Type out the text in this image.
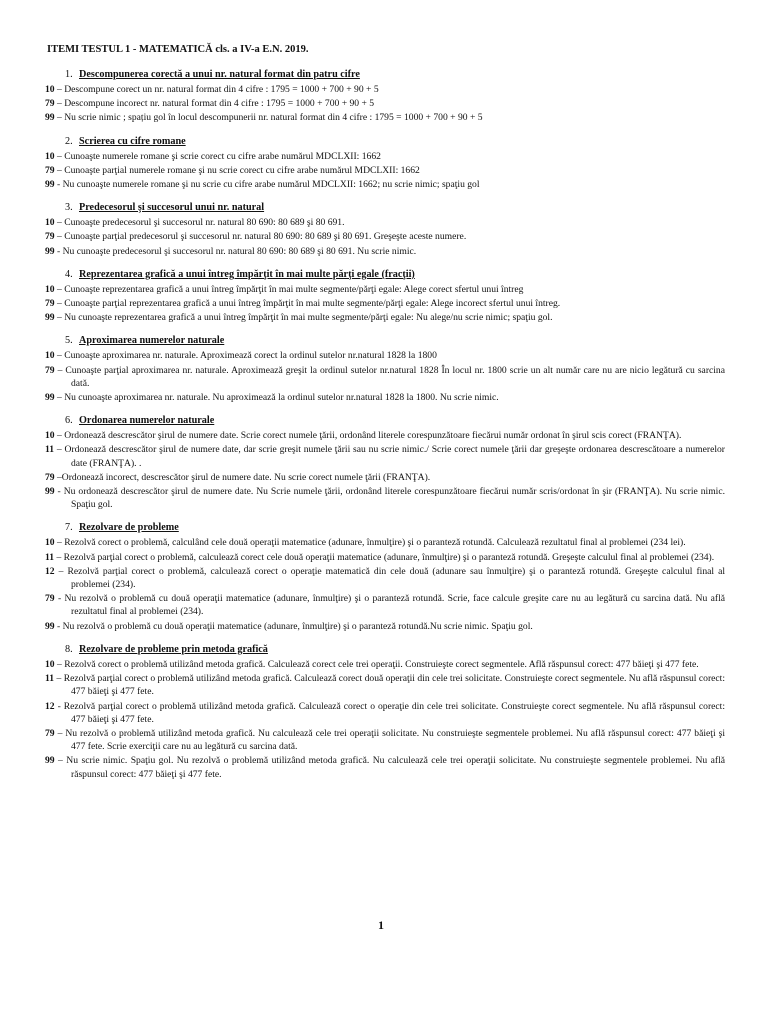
ITEMI TESTUL 1 - MATEMATICĂ cls. a IV-a E.N. 2019.
1. Descompunerea corectă a unui nr. natural format din patru cifre
10 – Descompune corect un nr. natural format din 4 cifre : 1795 = 1000 + 700 + 90 + 5
79 – Descompune incorect nr. natural format din 4 cifre : 1795 = 1000 + 700 + 90 + 5
99 – Nu scrie nimic ; spațiu gol în locul descompunerii nr. natural format din 4 cifre : 1795 = 1000 + 700 + 90 + 5
2. Scrierea cu cifre romane
10 – Cunoaşte numerele romane şi scrie corect cu cifre arabe numărul MDCLXII: 1662
79 – Cunoaşte parţial numerele romane şi nu scrie corect cu cifre arabe numărul MDCLXII: 1662
99 - Nu cunoaşte numerele romane şi nu scrie cu cifre arabe numărul MDCLXII: 1662; nu scrie nimic; spaţiu gol
3. Predecesorul şi succesorul unui nr. natural
10 – Cunoaşte predecesorul şi succesorul nr. natural 80 690: 80 689 şi 80 691.
79 – Cunoaşte parţial predecesorul şi succesorul nr. natural 80 690: 80 689 şi 80 691. Greşeşte aceste numere.
99 - Nu cunoaşte predecesorul şi succesorul nr. natural 80 690: 80 689 şi 80 691. Nu scrie nimic.
4. Reprezentarea grafică a unui întreg împărţit în mai multe părţi egale (fracţii)
10 – Cunoaşte reprezentarea grafică a unui întreg împărţit în mai multe segmente/părţi egale: Alege corect sfertul unui întreg
79 – Cunoaşte parţial reprezentarea grafică a unui întreg împărţit în mai multe segmente/părţi egale: Alege incorect sfertul unui întreg.
99 – Nu cunoaşte reprezentarea grafică a unui întreg împărţit în mai multe segmente/părţi egale: Nu alege/nu scrie nimic; spaţiu gol.
5. Aproximarea numerelor naturale
10 – Cunoaşte aproximarea nr. naturale. Aproximează corect la ordinul sutelor nr.natural 1828 la 1800
79 – Cunoaşte parţial aproximarea nr. naturale. Aproximează greşit la ordinul sutelor nr.natural 1828 În locul nr. 1800 scrie un alt număr care nu are nicio legătură cu sarcina dată.
99 – Nu cunoaşte aproximarea nr. naturale. Nu aproximează la ordinul sutelor nr.natural 1828 la 1800. Nu scrie nimic.
6. Ordonarea numerelor naturale
10 – Ordonează descrescător şirul de numere date. Scrie corect numele ţării, ordonând literele corespunzătoare fiecărui număr ordonat în şirul scis corect (FRANŢA).
11 – Ordonează descrescător şirul de numere date, dar scrie greşit numele ţării sau nu scrie nimic./ Scrie corect numele ţării dar greşeşte ordonarea descrescătoare a numerelor date (FRANŢA). .
79 –Ordonează incorect, descrescător şirul de numere date. Nu scrie corect numele ţării (FRANŢA).
99 - Nu ordonează descrescător şirul de numere date. Nu Scrie numele ţării, ordonând literele corespunzătoare fiecărui număr scris/ordonat în şir (FRANŢA). Nu scrie nimic. Spaţiu gol.
7. Rezolvare de probleme
10 – Rezolvă corect o problemă, calculând cele două operaţii matematice (adunare, înmulţire) şi o paranteză rotundă. Calculează rezultatul final al problemei (234 lei).
11 – Rezolvă parţial corect o problemă, calculează corect cele două operaţii matematice (adunare, înmulţire) şi o paranteză rotundă. Greşeşte calculul final al problemei (234).
12 – Rezolvă parţial corect o problemă, calculează corect o operaţie matematică din cele două (adunare sau înmulţire) şi o paranteză rotundă. Greşeşte calculul final al problemei (234).
79 - Nu rezolvă o problemă cu două operaţii matematice (adunare, înmulţire) şi o paranteză rotundă. Scrie, face calcule greşite care nu au legătură cu sarcina dată. Nu află rezultatul final al problemei (234).
99 - Nu rezolvă o problemă cu două operaţii matematice (adunare, înmulţire) şi o paranteză rotundă.Nu scrie nimic. Spaţiu gol.
8. Rezolvare de probleme prin metoda grafică
10 – Rezolvă corect o problemă utilizând metoda grafică. Calculează corect cele trei operaţii. Construieşte corect segmentele. Află răspunsul corect: 477 băieţi şi 477 fete.
11 – Rezolvă parţial corect o problemă utilizând metoda grafică. Calculează corect două operaţii din cele trei solicitate. Construieşte corect segmentele. Nu află răspunsul corect: 477 băieţi şi 477 fete.
12 - Rezolvă parţial corect o problemă utilizând metoda grafică. Calculează corect o operaţie din cele trei solicitate. Construieşte corect segmentele. Nu află răspunsul corect: 477 băieţi şi 477 fete.
79 – Nu rezolvă o problemă utilizând metoda grafică. Nu calculează cele trei operaţii solicitate. Nu construieşte segmentele problemei. Nu află răspunsul corect: 477 băieţi şi 477 fete. Scrie exerciţii care nu au legătură cu sarcina dată.
99 – Nu scrie nimic. Spaţiu gol. Nu rezolvă o problemă utilizând metoda grafică. Nu calculează cele trei operaţii solicitate. Nu construieşte segmentele problemei. Nu află răspunsul corect: 477 băieţi şi 477 fete.
1
